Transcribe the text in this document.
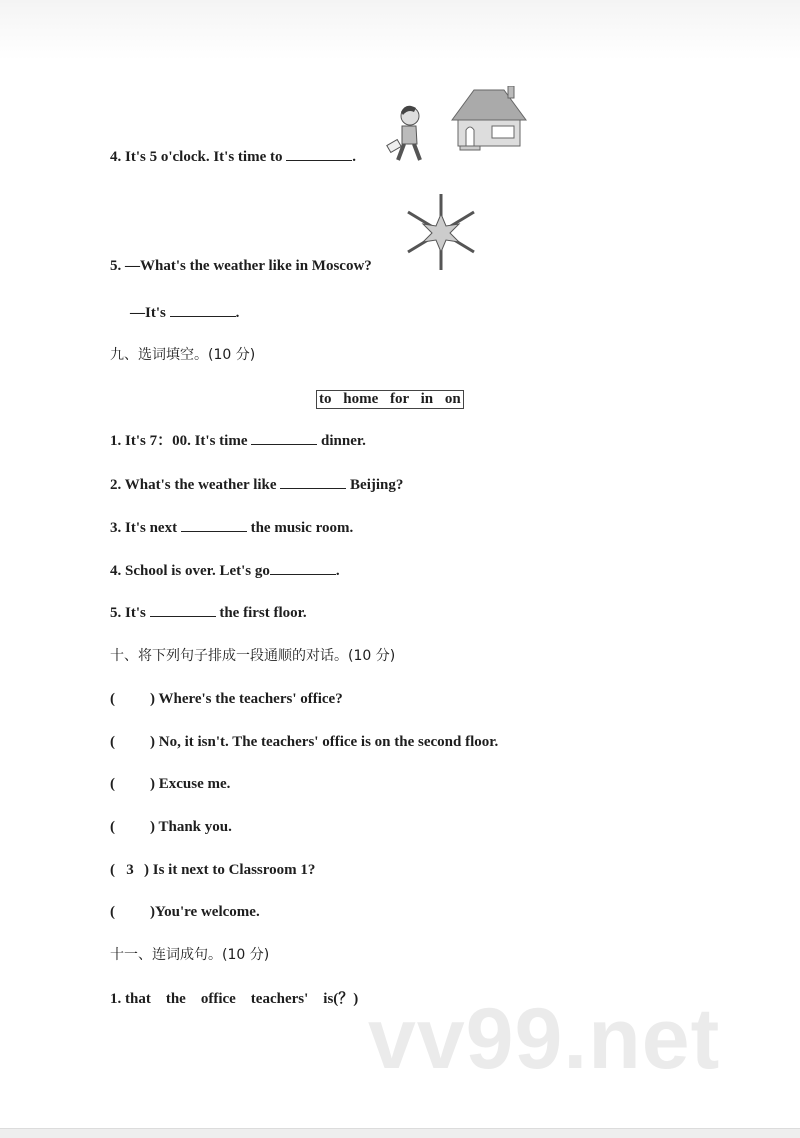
4. It's 5 o'clock. It's time to	.
5. —What's the weather like in Moscow?
—It's	.
九、选词填空。(10 分)
to home for in on
1. It's 7：00. It's time	dinner.
2. What's the weather like	Beijing?
3. It's next	the music room.
4. School is over. Let's go	.
5. It's	the first floor.
十、将下列句子排成一段通顺的对话。(10 分)
(   ) Where's the teachers' office?
(   ) No, it isn't. The teachers' office is on the second floor.
(   ) Excuse me.
(   ) Thank you.
(   3 ) Is it next to Classroom 1?
(   )You're welcome.
十一、连词成句。(10 分)
vv99.net
1. that    the    office    teachers'    is(？)
